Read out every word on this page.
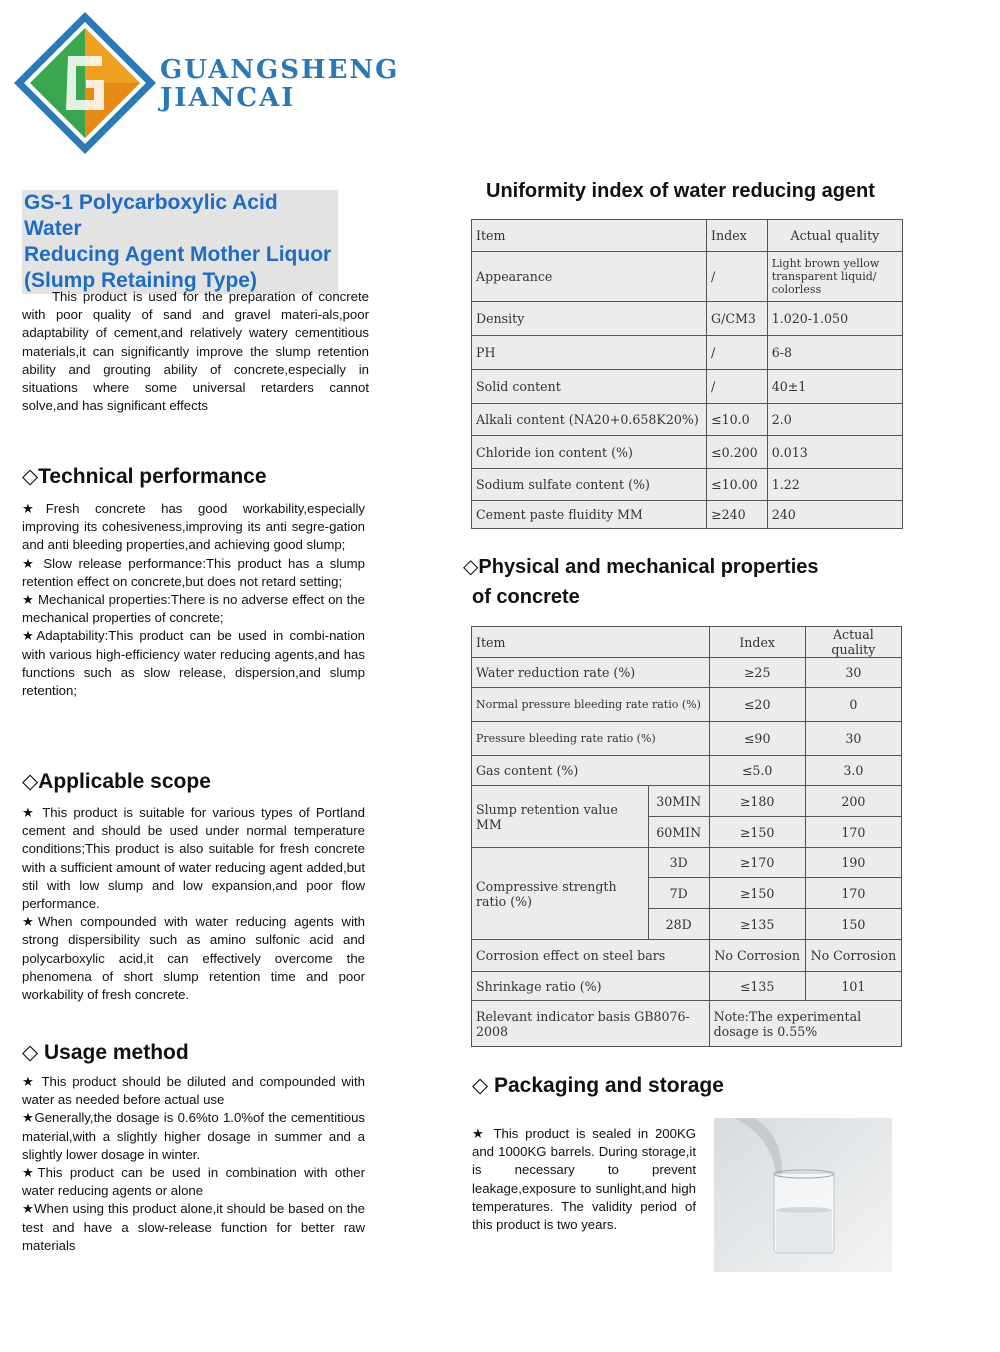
GUANGSHENG
JIANCAI
GS-1 Polycarboxylic Acid Water
Reducing Agent Mother Liquor
(Slump Retaining Type)
This product is used for the preparation of concrete with poor quality of sand and gravel materi-als,poor adaptability of cement,and relatively watery cementitious materials,it can significantly improve the slump retention ability and grouting ability of concrete,especially in situations where some universal retarders cannot solve,and has significant effects
◇Technical performance
★Fresh concrete has good workability,especially improving its cohesiveness,improving its anti segre-gation and anti bleeding properties,and achieving good slump;
★ Slow release performance:This product has a slump retention effect on concrete,but does not retard setting;
★ Mechanical properties:There is no adverse effect on the mechanical properties of concrete;
★Adaptability:This product can be used in combi-nation with various high-efficiency water reducing agents,and has functions such as slow release, dispersion,and slump retention;
◇Applicable scope
★ This product is suitable for various types of Portland cement and should be used under normal temperature conditions;This product is also suitable for fresh concrete with a sufficient amount of water reducing agent added,but stil with low slump and low expansion,and poor flow performance.
★When compounded with water reducing agents with strong dispersibility such as amino sulfonic acid and polycarboxylic acid,it can effectively overcome the phenomena of short slump retention time and poor workability of fresh concrete.
◇ Usage method
★ This product should be diluted and compounded with water as needed before actual use
★Generally,the dosage is 0.6%to 1.0%of the cementitious material,with a slightly higher dosage in summer and a slightly lower dosage in winter.
★This product can be used in combination with other water reducing agents or alone
★When using this product alone,it should be based on the test and have a slow-release function for better raw materials
Uniformity index of water reducing agent
Item	Index	Actual quality
Appearance	/	Light brown yellow transparent liquid/ colorless
Density	G/CM3	1.020-1.050
PH	/	6-8
Solid content	/	40±1
Alkali content (NA20+0.658K20%)	≤10.0	2.0
Chloride ion content (%)	≤0.200	0.013
Sodium sulfate content (%)	≤10.00	1.22
Cement paste fluidity MM	≥240	240
◇Physical and mechanical properties
of concrete
Item		Index	Actual quality
Water reduction rate (%)		≥25	30
Normal pressure bleeding rate ratio (%)		≤20	0
Pressure bleeding rate ratio (%)		≤90	30
Gas content (%)		≤5.0	3.0
Slump retention value MM	30MIN	≥180	200
	60MIN	≥150	170
Compressive strength ratio (%)	3D	≥170	190
	7D	≥150	170
	28D	≥135	150
Corrosion effect on steel bars		No Corrosion	No Corrosion
Shrinkage ratio (%)		≤135	101
Relevant indicator basis GB8076-2008		Note:The experimental dosage is 0.55%	
◇ Packaging and storage
★ This product is sealed in 200KG and 1000KG barrels. During storage,it is necessary to prevent leakage,exposure to sunlight,and high temperatures. The validity period of this product is two years.
